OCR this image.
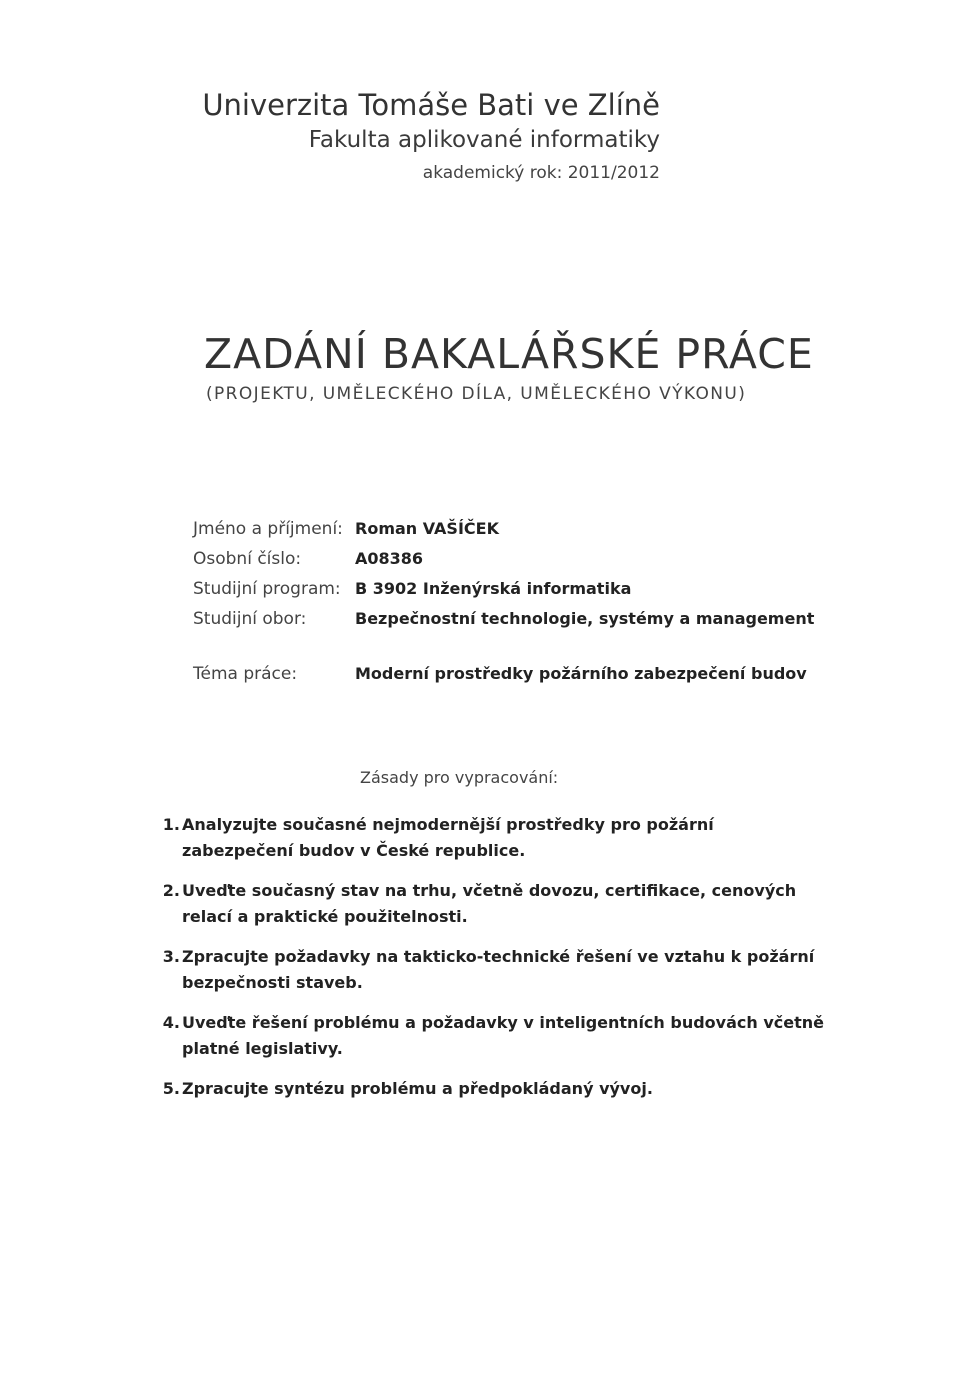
Univerzita Tomáše Bati ve Zlíně
Fakulta aplikované informatiky
akademický rok: 2011/2012
ZADÁNÍ BAKALÁŘSKÉ PRÁCE
(PROJEKTU, UMĚLECKÉHO DÍLA, UMĚLECKÉHO VÝKONU)
Jméno a příjmení: Roman VAŠÍČEK
Osobní číslo:	A08386
Studijní program: B 3902 Inženýrská informatika
Studijní obor:	Bezpečnostní technologie, systémy a management
Téma práce:	Moderní prostředky požárního zabezpečení budov
Zásady pro vypracování:
1. Analyzujte současné nejmodernější prostředky pro požární zabezpečení budov v České republice.
2. Uveďte současný stav na trhu, včetně dovozu, certifikace, cenových relací a praktické použitelnosti.
3. Zpracujte požadavky na takticko-technické řešení ve vztahu k požární bezpečnosti staveb.
4. Uveďte řešení problému a požadavky v inteligentních budovách včetně platné legislativy.
5. Zpracujte syntézu problému a předpokládaný vývoj.
